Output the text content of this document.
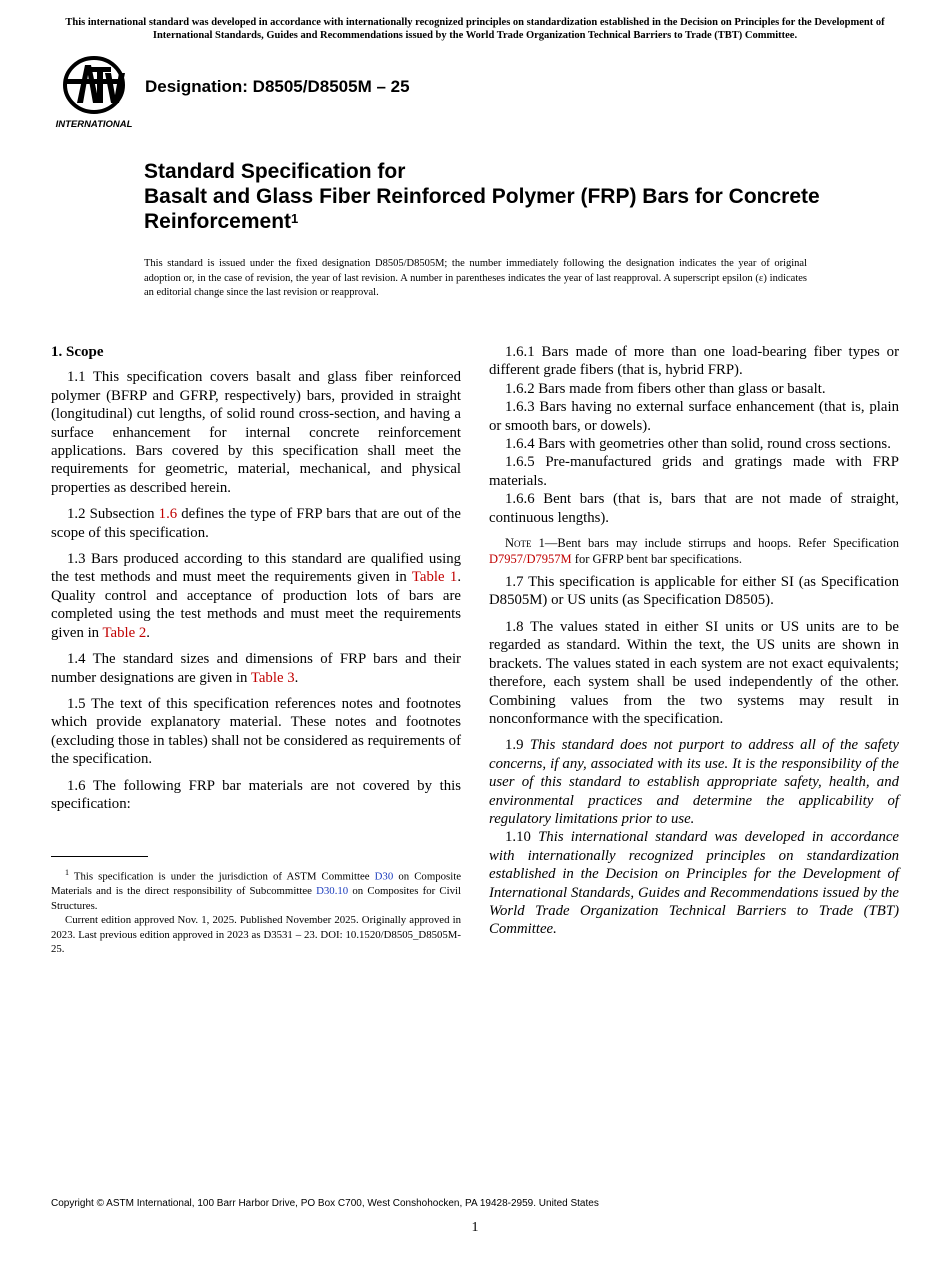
This international standard was developed in accordance with internationally recognized principles on standardization established in the Decision on Principles for the Development of International Standards, Guides and Recommendations issued by the World Trade Organization Technical Barriers to Trade (TBT) Committee.
INTERNATIONAL
Designation: D8505/D8505M – 25
Standard Specification for
Basalt and Glass Fiber Reinforced Polymer (FRP) Bars for Concrete Reinforcement$^1$
This standard is issued under the fixed designation D8505/D8505M; the number immediately following the designation indicates the year of original adoption or, in the case of revision, the year of last revision. A number in parentheses indicates the year of last reapproval. A superscript epsilon (ε) indicates an editorial change since the last revision or reapproval.
1. Scope

1.1 This specification covers basalt and glass fiber reinforced polymer (BFRP and GFRP, respectively) bars, provided in straight (longitudinal) cut lengths, of solid round cross-section, and having a surface enhancement for internal concrete reinforcement applications. Bars covered by this specification shall meet the requirements for geometric, material, mechanical, and physical properties as described herein.

1.2 Subsection 1.6 defines the type of FRP bars that are out of the scope of this specification.

1.3 Bars produced according to this standard are qualified using the test methods and must meet the requirements given in Table 1. Quality control and acceptance of production lots of bars are completed using the test methods and must meet the requirements given in Table 2.

1.4 The standard sizes and dimensions of FRP bars and their number designations are given in Table 3.

1.5 The text of this specification references notes and footnotes which provide explanatory material. These notes and footnotes (excluding those in tables) shall not be considered as requirements of the specification.

1.6 The following FRP bar materials are not covered by this specification:

1.6.1 Bars made of more than one load-bearing fiber types or different grade fibers (that is, hybrid FRP).

1.6.2 Bars made from fibers other than glass or basalt.

1.6.3 Bars having no external surface enhancement (that is, plain or smooth bars, or dowels).

1.6.4 Bars with geometries other than solid, round cross sections.

1.6.5 Pre-manufactured grids and gratings made with FRP materials.

1.6.6 Bent bars (that is, bars that are not made of straight, continuous lengths).

Note 1—Bent bars may include stirrups and hoops. Refer Specification D7957/D7957M for GFRP bent bar specifications.

1.7 This specification is applicable for either SI (as Specification D8505M) or US units (as Specification D8505).

1.8 The values stated in either SI units or US units are to be regarded as standard. Within the text, the US units are shown in brackets. The values stated in each system are not exact equivalents; therefore, each system shall be used independently of the other. Combining values from the two systems may result in nonconformance with the specification.

1.9 This standard does not purport to address all of the safety concerns, if any, associated with its use. It is the responsibility of the user of this standard to establish appropriate safety, health, and environmental practices and determine the applicability of regulatory limitations prior to use.

1.10 This international standard was developed in accordance with internationally recognized principles on standardization established in the Decision on Principles for the Development of International Standards, Guides and Recommendations issued by the World Trade Organization Technical Barriers to Trade (TBT) Committee.

$^1$ This specification is under the jurisdiction of ASTM Committee D30 on Composite Materials and is the direct responsibility of Subcommittee D30.10 on Composites for Civil Structures.

Current edition approved Nov. 1, 2025. Published November 2025. Originally approved in 2023. Last previous edition approved in 2023 as D3531 – 23. DOI: 10.1520/D8505_D8505M-25.

Copyright © ASTM International, 100 Barr Harbor Drive, PO Box C700, West Conshohocken, PA 19428-2959. United States
1
